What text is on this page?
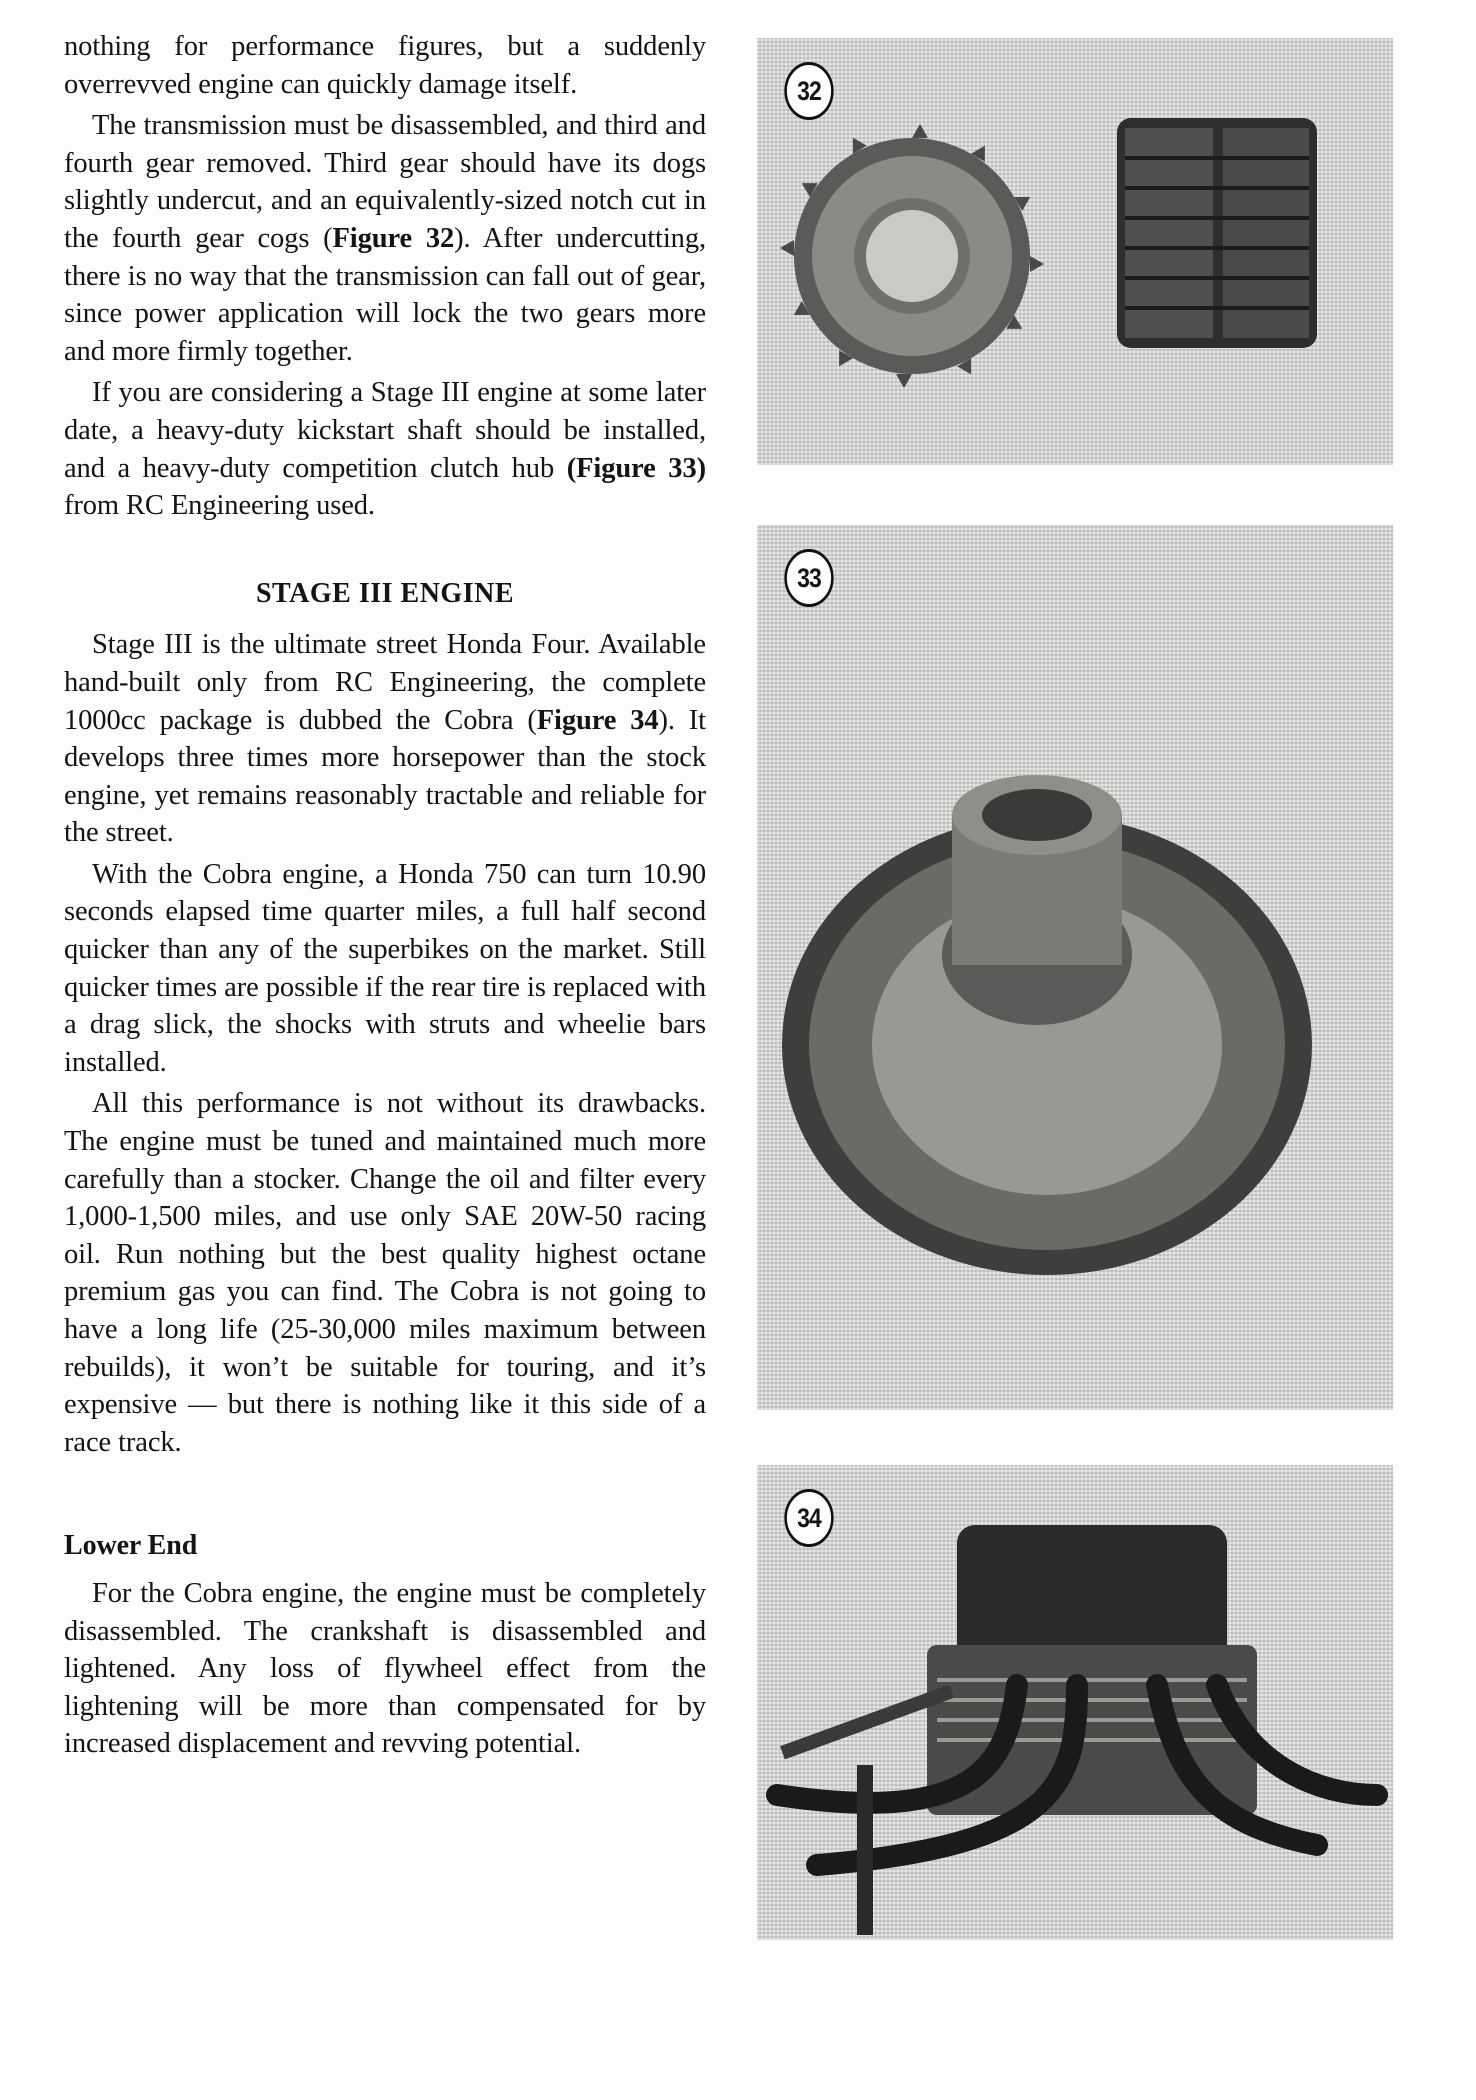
nothing for performance figures, but a suddenly overrevved engine can quickly damage itself.

The transmission must be disassembled, and third and fourth gear removed. Third gear should have its dogs slightly undercut, and an equivalently-sized notch cut in the fourth gear cogs (Figure 32). After undercutting, there is no way that the transmission can fall out of gear, since power application will lock the two gears more and more firmly together.

If you are considering a Stage III engine at some later date, a heavy-duty kickstart shaft should be installed, and a heavy-duty competition clutch hub (Figure 33) from RC Engineering used.

STAGE III ENGINE

Stage III is the ultimate street Honda Four. Available hand-built only from RC Engineering, the complete 1000cc package is dubbed the Cobra (Figure 34). It develops three times more horsepower than the stock engine, yet remains reasonably tractable and reliable for the street.

With the Cobra engine, a Honda 750 can turn 10.90 seconds elapsed time quarter miles, a full half second quicker than any of the superbikes on the market. Still quicker times are possible if the rear tire is replaced with a drag slick, the shocks with struts and wheelie bars installed.

All this performance is not without its drawbacks. The engine must be tuned and maintained much more carefully than a stocker. Change the oil and filter every 1,000-1,500 miles, and use only SAE 20W-50 racing oil. Run nothing but the best quality highest octane premium gas you can find. The Cobra is not going to have a long life (25-30,000 miles maximum between rebuilds), it won’t be suitable for touring, and it’s expensive — but there is nothing like it this side of a race track.

Lower End

For the Cobra engine, the engine must be completely disassembled. The crankshaft is disassembled and lightened. Any loss of flywheel effect from the lightening will be more than compensated for by increased displacement and revving potential.

32
33
34
